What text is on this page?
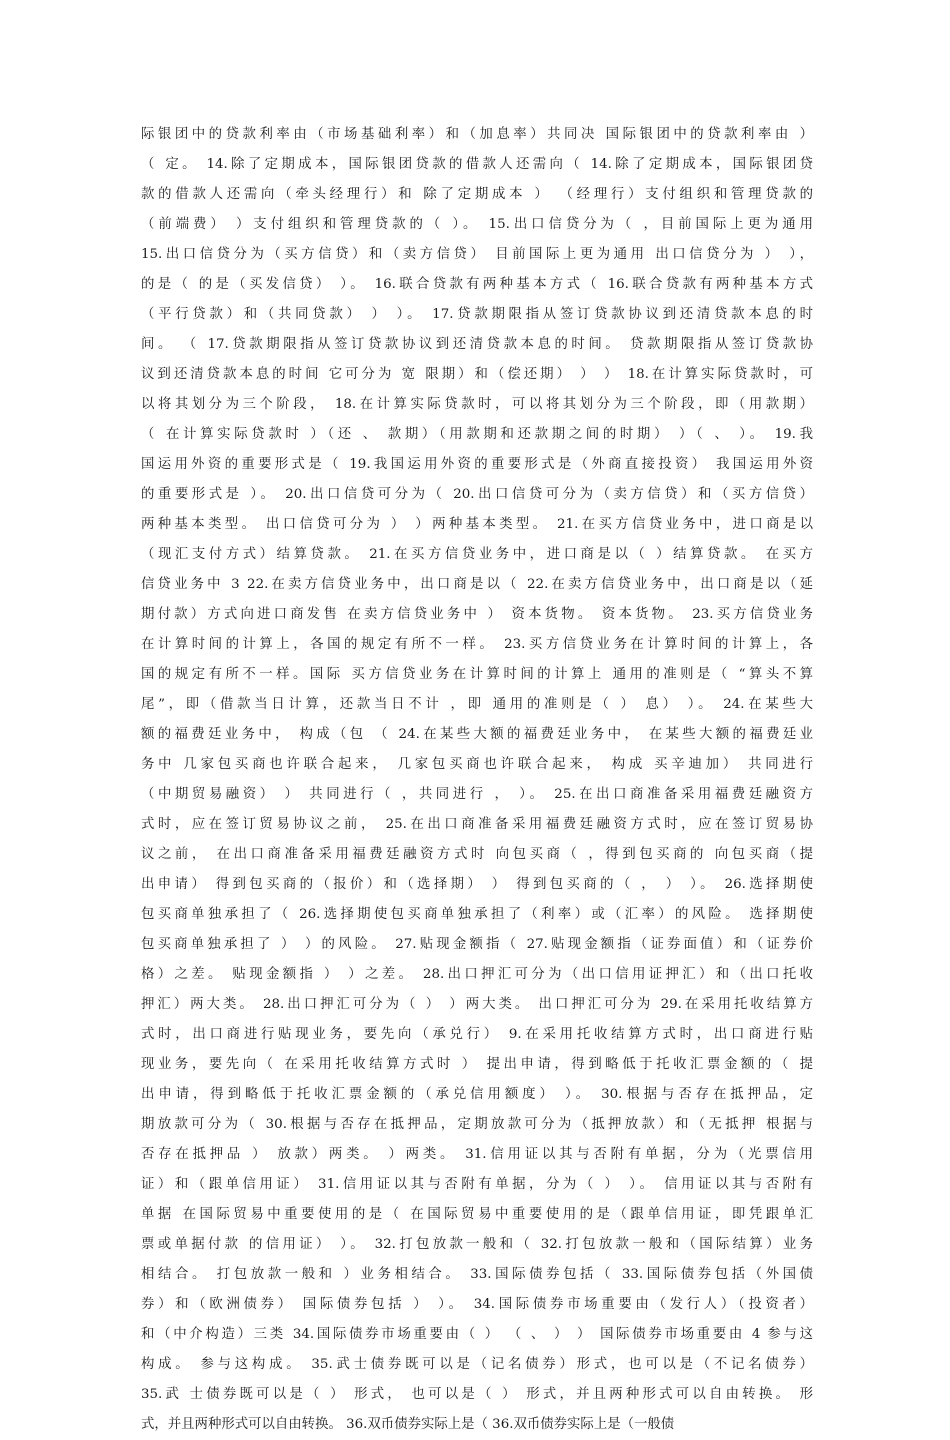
际银团中的贷款利率由（市场基础利率）和（加息率）共同决 国际银团中的贷款利率由 ）
（ 定。 14.除了定期成本，国际银团贷款的借款人还需向（ 14.除了定期成本，国际银团贷
款的借款人还需向（牵头经理行）和 除了定期成本 ） （经理行）支付组织和管理贷款的
（前端费） ）支付组织和管理贷款的（ ）。 15.出口信贷分为（ ，目前国际上更为通用
15.出口信贷分为（买方信贷）和（卖方信贷） 目前国际上更为通用 出口信贷分为 ） ），
的是（ 的是（买发信贷） ）。 16.联合贷款有两种基本方式（ 16.联合贷款有两种基本方式
（平行贷款）和（共同贷款） ） ）。 17.贷款期限指从签订贷款协议到还清贷款本息的时
间。 （ 17.贷款期限指从签订贷款协议到还清贷款本息的时间。 贷款期限指从签订贷款协
议到还清贷款本息的时间 它可分为 宽 限期）和（偿还期） ） ） 18.在计算实际贷款时，可
以将其划分为三个阶段， 18.在计算实际贷款时，可以将其划分为三个阶段，即（用款期）
（ 在计算实际贷款时 ）（还 、 款期）（用款期和还款期之间的时期） ）（ 、 ）。 19.我
国运用外资的重要形式是（ 19.我国运用外资的重要形式是（外商直接投资） 我国运用外资
的重要形式是 ）。 20.出口信贷可分为（ 20.出口信贷可分为（卖方信贷）和（买方信贷）
两种基本类型。 出口信贷可分为 ） ）两种基本类型。 21.在买方信贷业务中，进口商是以
（现汇支付方式）结算贷款。 21.在买方信贷业务中，进口商是以（ ）结算贷款。 在买方
信贷业务中 3 22.在卖方信贷业务中，出口商是以（ 22.在卖方信贷业务中，出口商是以（延
期付款）方式向进口商发售 在卖方信贷业务中 ） 资本货物。 资本货物。 23.买方信贷业务
在计算时间的计算上，各国的规定有所不一样。 23.买方信贷业务在计算时间的计算上，各
国的规定有所不一样。国际 买方信贷业务在计算时间的计算上 通用的准则是（ “算头不算
尾”，即（借款当日计算，还款当日不计 ，即 通用的准则是（ ） 息） ）。 24.在某些大
额的福费廷业务中， 构成（包 （ 24.在某些大额的福费廷业务中， 在某些大额的福费廷业
务中 几家包买商也许联合起来， 几家包买商也许联合起来， 构成 买辛迪加） 共同进行
（中期贸易融资） ） 共同进行（ ，共同进行 ， ）。 25.在出口商准备采用福费廷融资方
式时，应在签订贸易协议之前， 25.在出口商准备采用福费廷融资方式时，应在签订贸易协
议之前， 在出口商准备采用福费廷融资方式时 向包买商（ ，得到包买商的 向包买商（提
出申请） 得到包买商的（报价）和（选择期） ） 得到包买商的（ ， ） ）。 26.选择期使
包买商单独承担了（ 26.选择期使包买商单独承担了（利率）或（汇率）的风险。 选择期使
包买商单独承担了 ） ）的风险。 27.贴现金额指（ 27.贴现金额指（证券面值）和（证券价
格）之差。 贴现金额指 ） ）之差。 28.出口押汇可分为（出口信用证押汇）和（出口托收
押汇）两大类。 28.出口押汇可分为（ ） ）两大类。 出口押汇可分为 29.在采用托收结算方
式时，出口商进行贴现业务，要先向（承兑行） 9.在采用托收结算方式时，出口商进行贴
现业务，要先向（ 在采用托收结算方式时 ） 提出申请，得到略低于托收汇票金额的（ 提
出申请，得到略低于托收汇票金额的（承兑信用额度） ）。 30.根据与否存在抵押品，定
期放款可分为（ 30.根据与否存在抵押品，定期放款可分为（抵押放款）和（无抵押 根据与
否存在抵押品 ） 放款）两类。 ）两类。 31.信用证以其与否附有单据，分为（光票信用
证）和（跟单信用证） 31.信用证以其与否附有单据，分为（ ） ）。 信用证以其与否附有
单据 在国际贸易中重要使用的是（ 在国际贸易中重要使用的是（跟单信用证，即凭跟单汇
票或单据付款 的信用证） ）。 32.打包放款一般和（ 32.打包放款一般和（国际结算）业务
相结合。 打包放款一般和 ）业务相结合。 33.国际债券包括（ 33.国际债券包括（外国债
券）和（欧洲债券） 国际债券包括 ） ）。 34.国际债券市场重要由（发行人）（投资者）
和（中介构造）三类 34.国际债券市场重要由（ ） （ 、 ） ） 国际债券市场重要由 4 参与这
构成。 参与这构成。 35.武士债券既可以是（记名债券）形式，也可以是（不记名债券）
35.武 士债券既可以是（ ） 形式， 也可以是（ ） 形式，并且两种形式可以自由转换。 形
式，并且两种形式可以自由转换。 36.双币债券实际上是（ 36.双币债券实际上是（一般债
